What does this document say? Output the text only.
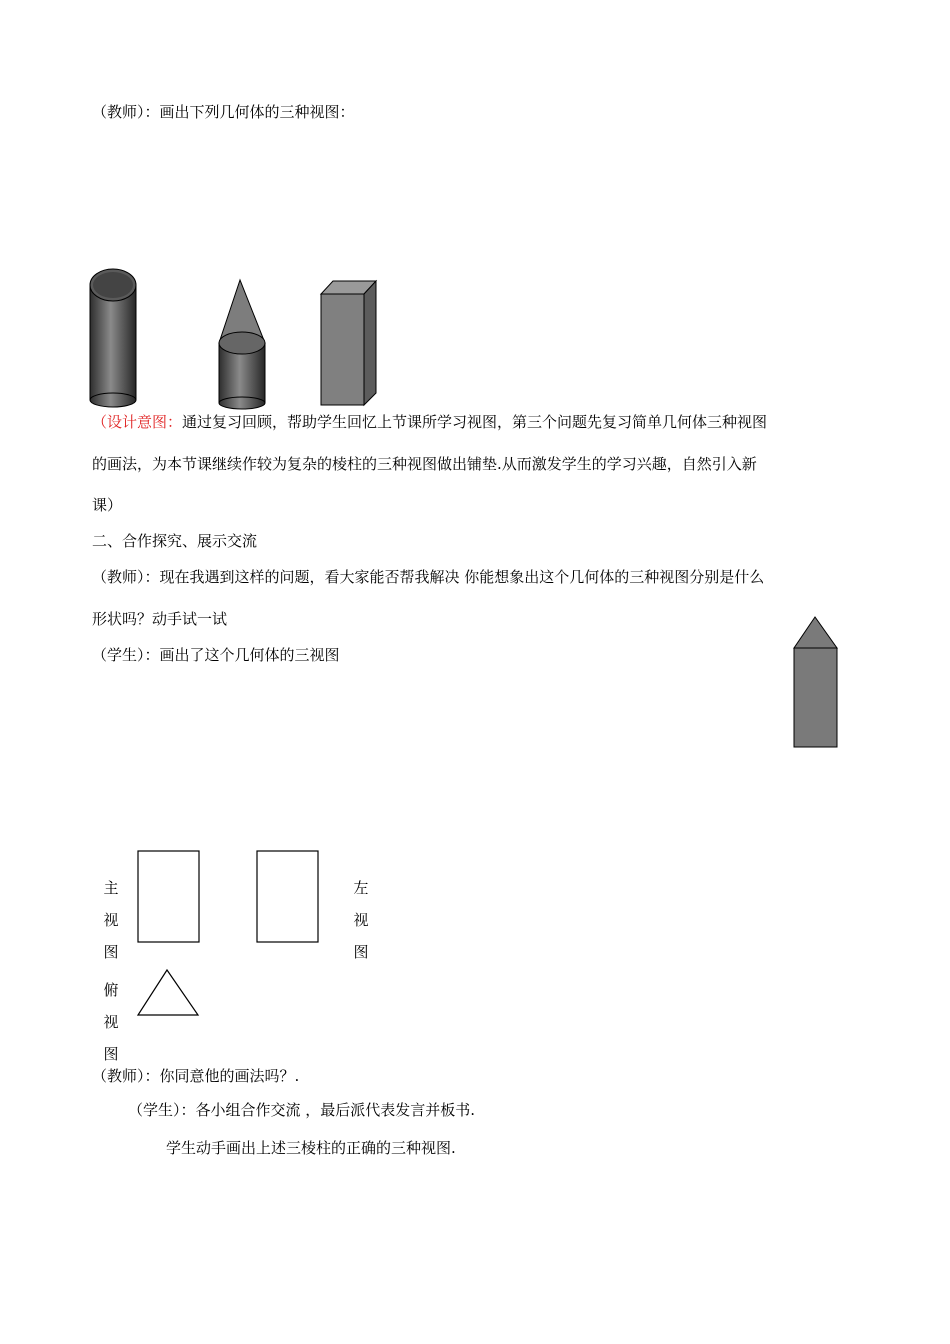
（教师）：画出下列几何体的三种视图：
（设计意图：通过复习回顾，帮助学生回忆上节课所学习视图，第三个问题先复习简单几何体三种视图
的画法，为本节课继续作较为复杂的棱柱的三种视图做出铺垫.从而激发学生的学习兴趣，自然引入新
课）
二、合作探究、展示交流
（教师）：现在我遇到这样的问题，看大家能否帮我解决 你能想象出这个几何体的三种视图分别是什么
形状吗？动手试一试
（学生）：画出了这个几何体的三视图
主
视
图
左
视
图
俯
视
图
（教师）：你同意他的画法吗？.
（学生）：各小组合作交流 ，最后派代表发言并板书.
学生动手画出上述三棱柱的正确的三种视图.
